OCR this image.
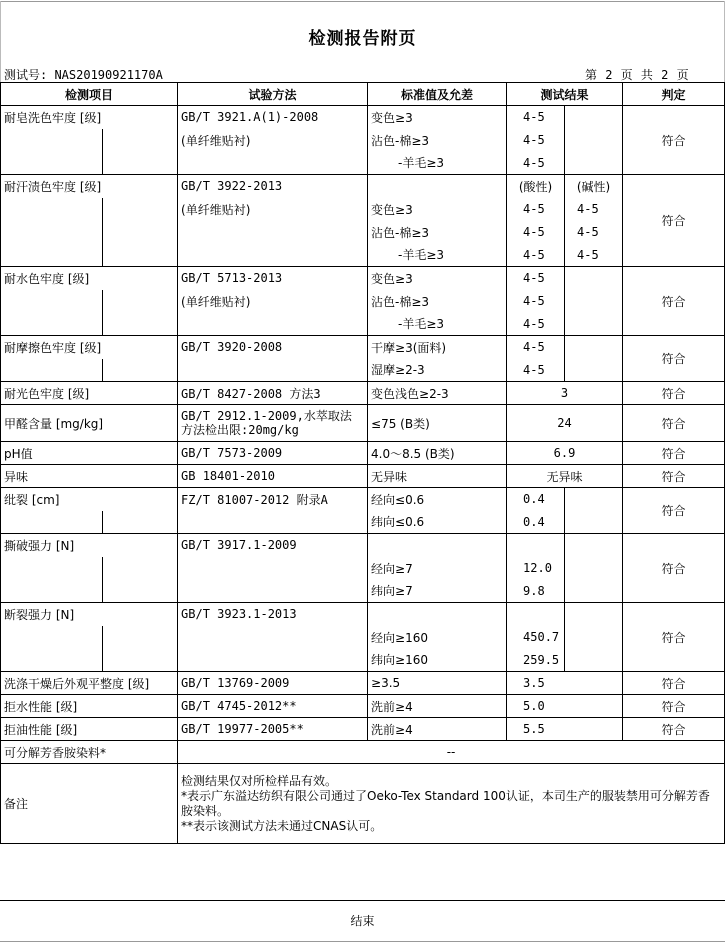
检测报告附页
测试号: NAS20190921170A	第 2 页 共 2 页
检测项目		试验方法	标准值及允差	测试结果		判定
耐皂洗色牢度 [级]		GB/T 3921.A(1)-2008	变色≥3	4-5		符合
		(单纤维贴衬)	沾色-棉≥3	4-5		
			-羊毛≥3	4-5		
耐汗渍色牢度 [级]		GB/T 3922-2013		(酸性)	(碱性)	符合
		(单纤维贴衬)	变色≥3	4-5	4-5	
			沾色-棉≥3	4-5	4-5	
			-羊毛≥3	4-5	4-5	
耐水色牢度 [级]		GB/T 5713-2013	变色≥3	4-5		符合
		(单纤维贴衬)	沾色-棉≥3	4-5		
			-羊毛≥3	4-5		
耐摩擦色牢度 [级]		GB/T 3920-2008	干摩≥3(面料)	4-5		符合
			湿摩≥2-3	4-5		
耐光色牢度 [级]		GB/T 8427-2008 方法3	变色浅色≥2-3	3		符合
甲醛含量 [mg/kg]		GB/T 2912.1-2009,水萃取法
方法检出限:20mg/kg	≤75 (B类)	24		符合
pH值		GB/T 7573-2009	4.0～8.5 (B类)	6.9		符合
异味		GB 18401-2010	无异味	无异味		符合
纰裂 [cm]		FZ/T 81007-2012 附录A	经向≤0.6	0.4		符合
			纬向≤0.6	0.4		
撕破强力 [N]		GB/T 3917.1-2009				符合
			经向≥7	12.0		
			纬向≥7	9.8		
断裂强力 [N]		GB/T 3923.1-2013				符合
			经向≥160	450.7		
			纬向≥160	259.5		
洗涤干燥后外观平整度 [级]		GB/T 13769-2009	≥3.5	3.5		符合
拒水性能 [级]		GB/T 4745-2012**	洗前≥4	5.0		符合
拒油性能 [级]		GB/T 19977-2005**	洗前≥4	5.5		符合
可分解芳香胺染料*		--				
备注		检测结果仅对所检样品有效。
*表示广东溢达纺织有限公司通过了Oeko-Tex Standard 100认证，本司生产的服装禁用可分解芳香胺染料。
**表示该测试方法未通过CNAS认可。				
结束
